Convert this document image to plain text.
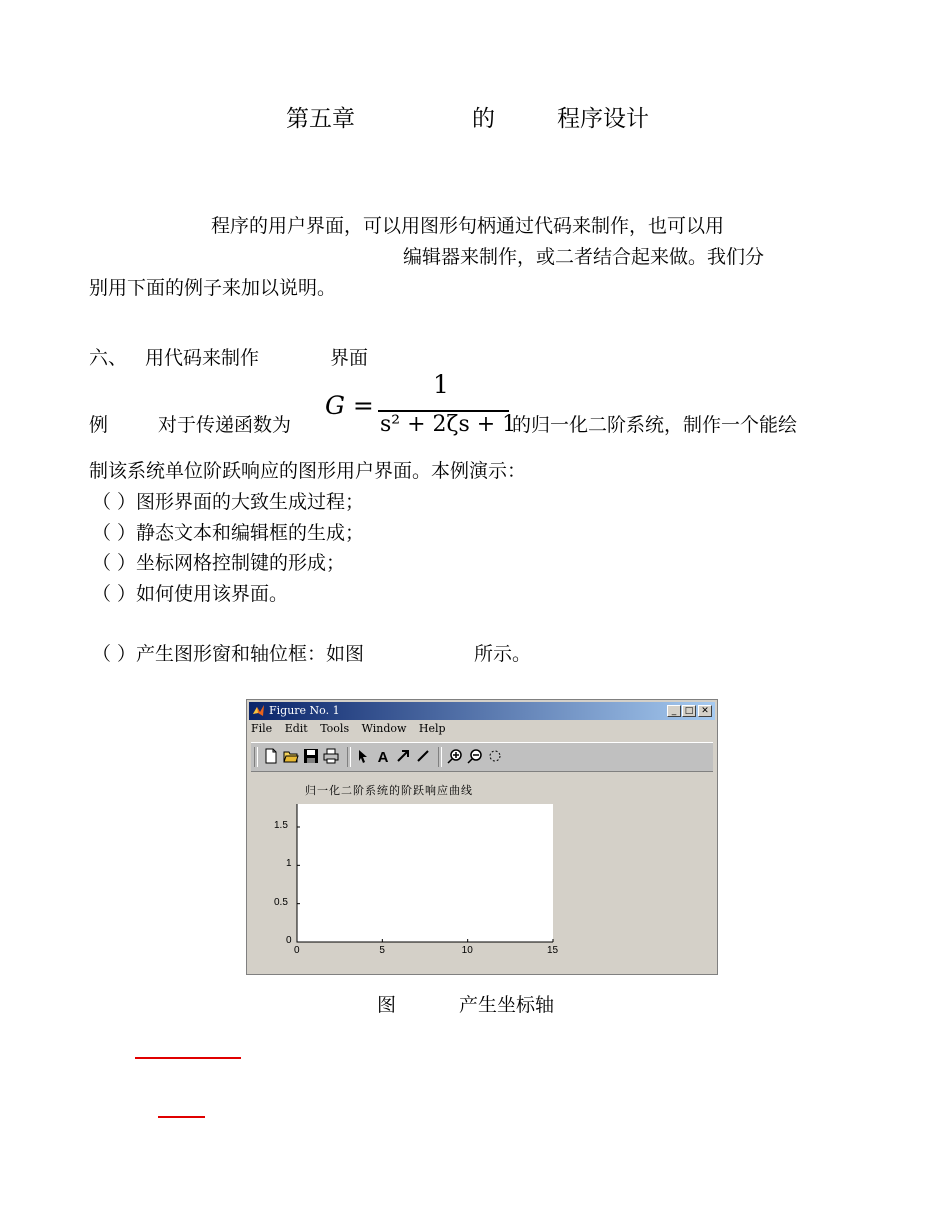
第五章	的	程序设计
程序的用户界面，可以用图形句柄通过代码来制作，也可以用
编辑器来制作，或二者结合起来做。我们分
别用下面的例子来加以说明。
六、 用代码来制作	界面
例	对于传递函数为
G =
1
s² + 2ζs + 1
的归一化二阶系统，制作一个能绘
制该系统单位阶跃响应的图形用户界面。本例演示：
（ ）图形界面的大致生成过程；
（ ）静态文本和编辑框的生成；
（ ）坐标网格控制键的形成；
（ ）如何使用该界面。
（ ）产生图形窗和轴位框：如图	所示。
Figure No. 1	_ □ ✕
File Edit Tools Window Help
A
归一化二阶系统的阶跃响应曲线
0	5	10	15
0
0.5
1
1.5
图	产生坐标轴
